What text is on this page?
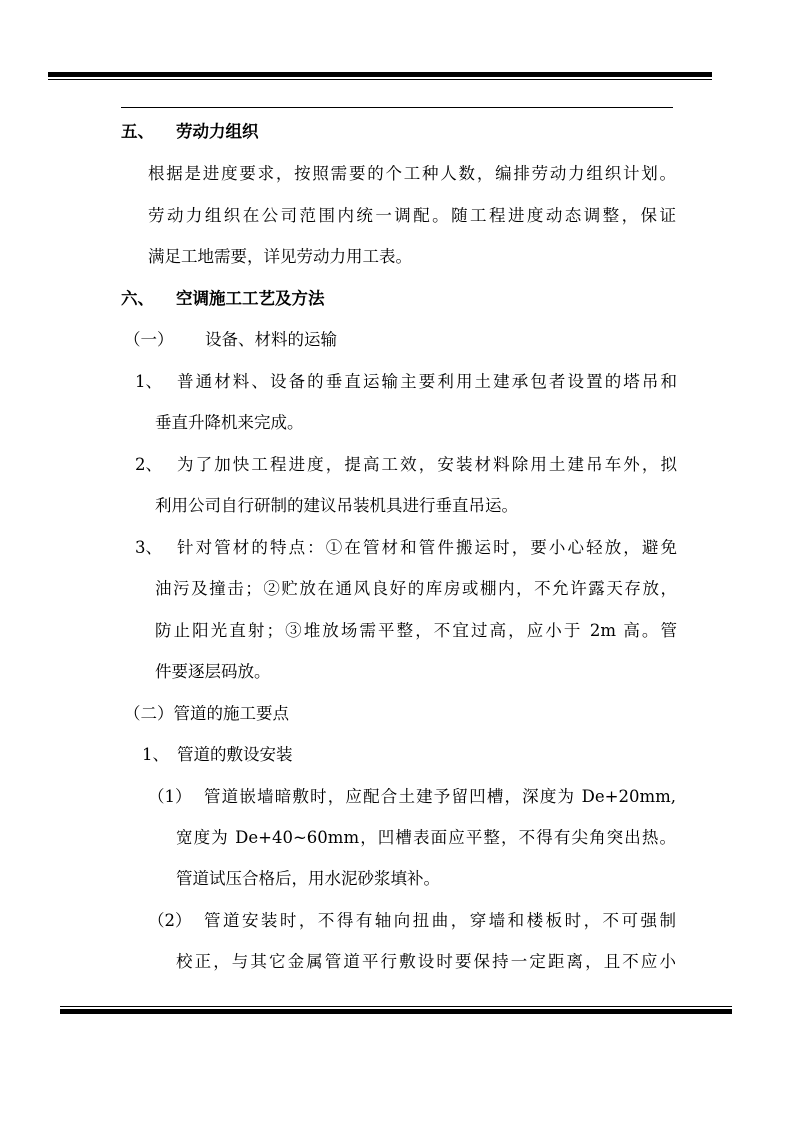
五、 劳动力组织
根据是进度要求，按照需要的个工种人数，编排劳动力组织计划。
劳动力组织在公司范围内统一调配。随工程进度动态调整，保证
满足工地需要，详见劳动力用工表。
六、 空调施工工艺及方法
（一） 设备、材料的运输
1、 普通材料、设备的垂直运输主要利用土建承包者设置的塔吊和
垂直升降机来完成。
2、 为了加快工程进度，提高工效，安装材料除用土建吊车外，拟
利用公司自行研制的建议吊装机具进行垂直吊运。
3、 针对管材的特点：①在管材和管件搬运时，要小心轻放，避免
油污及撞击；②贮放在通风良好的库房或棚内，不允许露天存放，
防止阳光直射；③堆放场需平整，不宜过高，应小于 2m 高。管
件要逐层码放。
（二）管道的施工要点
1、 管道的敷设安装
（1） 管道嵌墙暗敷时，应配合土建予留凹槽，深度为 De+20mm,
宽度为 De+40~60mm，凹槽表面应平整，不得有尖角突出热。
管道试压合格后，用水泥砂浆填补。
（2） 管道安装时，不得有轴向扭曲，穿墙和楼板时，不可强制
校正，与其它金属管道平行敷设时要保持一定距离，且不应小
